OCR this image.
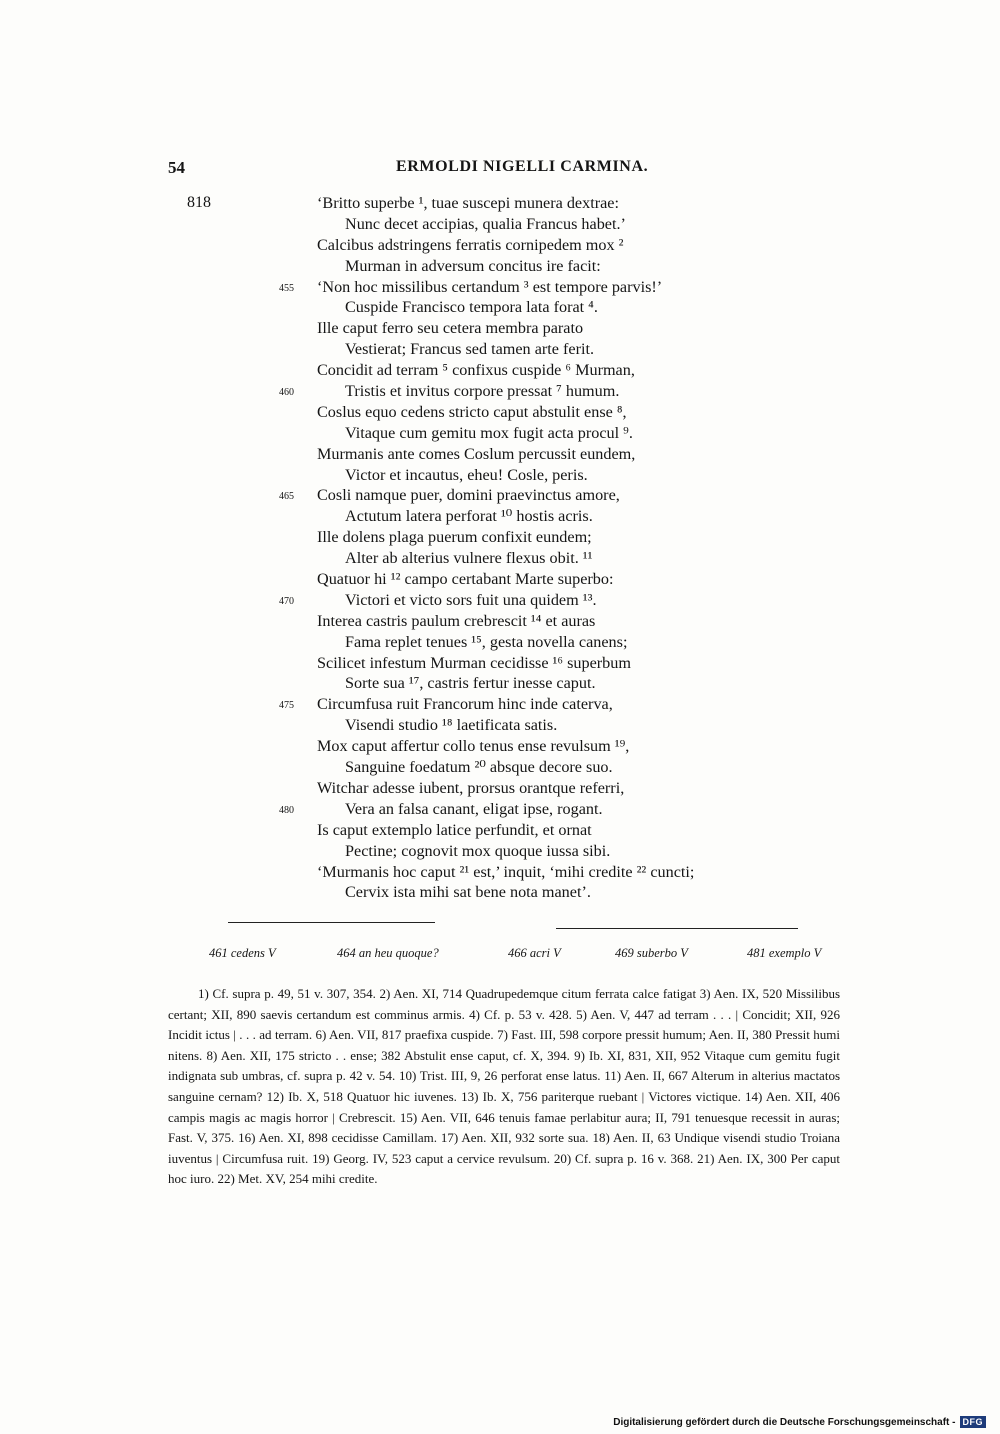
54	ERMOLDI NIGELLI CARMINA.
818	‘Britto superbe ¹, tuae suscepi munera dextrae:
Nunc decet accipias, qualia Francus habet.’
Calcibus adstringens ferratis cornipedem mox ²
Murman in adversum concitus ire facit:
‘Non hoc missilibus certandum ³ est tempore parvis!’
455
Cuspide Francisco tempora lata forat ⁴.
Ille caput ferro seu cetera membra parato
Vestierat; Francus sed tamen arte ferit.
Concidit ad terram ⁵ confixus cuspide ⁶ Murman,
Tristis et invitus corpore pressat ⁷ humum.
460
Coslus equo cedens stricto caput abstulit ense ⁸,
Vitaque cum gemitu mox fugit acta procul ⁹.
Murmanis ante comes Coslum percussit eundem,
Victor et incautus, eheu! Cosle, peris.
Cosli namque puer, domini praevinctus amore,
465
Actutum latera perforat ¹⁰ hostis acris.
Ille dolens plaga puerum confixit eundem;
Alter ab alterius vulnere flexus obit. ¹¹
Quatuor hi ¹² campo certabant Marte superbo:
Victori et victo sors fuit una quidem ¹³.
470
Interea castris paulum crebrescit ¹⁴ et auras
Fama replet tenues ¹⁵, gesta novella canens;
Scilicet infestum Murman cecidisse ¹⁶ superbum
Sorte sua ¹⁷, castris fertur inesse caput.
Circumfusa ruit Francorum hinc inde caterva,
475
Visendi studio ¹⁸ laetificata satis.
Mox caput affertur collo tenus ense revulsum ¹⁹,
Sanguine foedatum ²⁰ absque decore suo.
Witchar adesse iubent, prorsus orantque referri,
Vera an falsa canant, eligat ipse, rogant.
480
Is caput extemplo latice perfundit, et ornat
Pectine; cognovit mox quoque iussa sibi.
‘Murmanis hoc caput ²¹ est,’ inquit, ‘mihi credite ²² cuncti;
Cervix ista mihi sat bene nota manet’.
461 cedens V	464 an heu quoque?	466 acri V	469 suberbo V	481 exemplo V

1) Cf. supra p. 49, 51 v. 307, 354. 2) Aen. XI, 714 Quadrupedemque citum ferrata calce fatigat 3) Aen. IX, 520 Missilibus certant; XII, 890 saevis certandum est comminus armis. 4) Cf. p. 53 v. 428. 5) Aen. V, 447 ad terram . . . | Concidit; XII, 926 Incidit ictus | . . . ad terram. 6) Aen. VII, 817 praefixa cuspide. 7) Fast. III, 598 corpore pressit humum; Aen. II, 380 Pressit humi nitens. 8) Aen. XII, 175 stricto . . ense; 382 Abstulit ense caput, cf. X, 394. 9) Ib. XI, 831, XII, 952 Vitaque cum gemitu fugit indignata sub umbras, cf. supra p. 42 v. 54. 10) Trist. III, 9, 26 perforat ense latus. 11) Aen. II, 667 Alterum in alterius mactatos sanguine cernam? 12) Ib. X, 518 Quatuor hic iuvenes. 13) Ib. X, 756 pariterque ruebant | Victores victique. 14) Aen. XII, 406 campis magis ac magis horror | Crebrescit. 15) Aen. VII, 646 tenuis famae perlabitur aura; II, 791 tenuesque recessit in auras; Fast. V, 375. 16) Aen. XI, 898 cecidisse Camillam. 17) Aen. XII, 932 sorte sua. 18) Aen. II, 63 Undique visendi studio Troiana iuventus | Circumfusa ruit. 19) Georg. IV, 523 caput a cervice revulsum. 20) Cf. supra p. 16 v. 368. 21) Aen. IX, 300 Per caput hoc iuro. 22) Met. XV, 254 mihi credite.

Digitalisierung gefördert durch die Deutsche Forschungsgemeinschaft - DFG
